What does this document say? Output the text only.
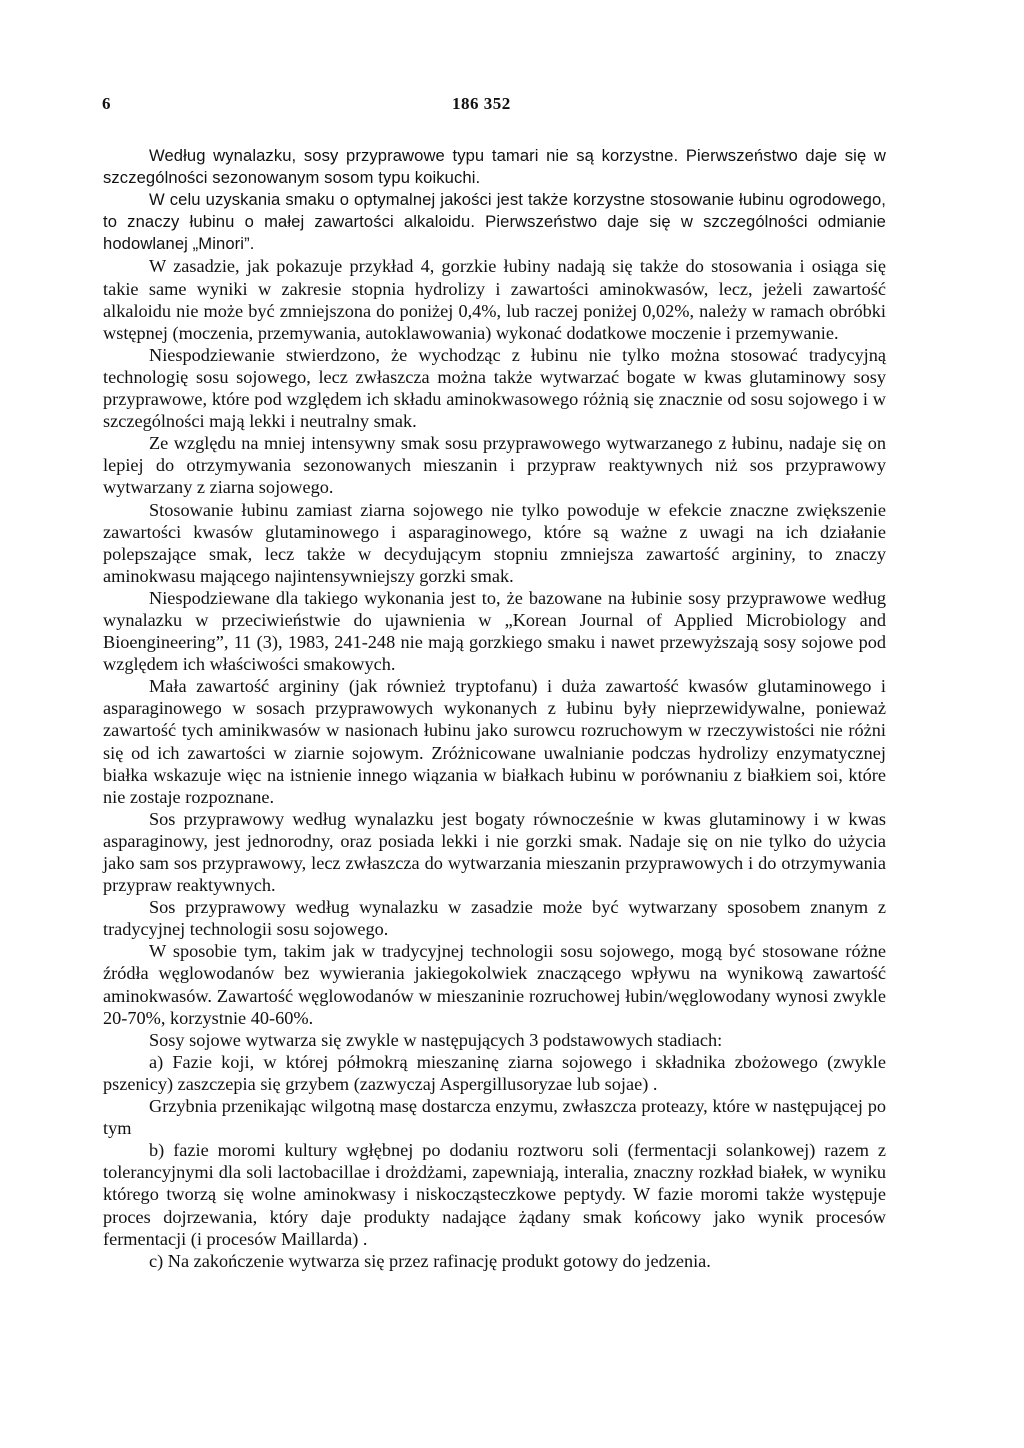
6	186 352

Według wynalazku, sosy przyprawowe typu tamari nie są korzystne. Pierwszeństwo daje się w szczególności sezonowanym sosom typu koikuchi.

W celu uzyskania smaku o optymalnej jakości jest także korzystne stosowanie łubinu ogrodowego, to znaczy łubinu o małej zawartości alkaloidu. Pierwszeństwo daje się w szczególności odmianie hodowlanej „Minori”.

W zasadzie, jak pokazuje przykład 4, gorzkie łubiny nadają się także do stosowania i osiąga się takie same wyniki w zakresie stopnia hydrolizy i zawartości aminokwasów, lecz, jeżeli zawartość alkaloidu nie może być zmniejszona do poniżej 0,4%, lub raczej poniżej 0,02%, należy w ramach obróbki wstępnej (moczenia, przemywania, autoklawowania) wykonać dodatkowe moczenie i przemywanie.

Niespodziewanie stwierdzono, że wychodząc z łubinu nie tylko można stosować tradycyjną technologię sosu sojowego, lecz zwłaszcza można także wytwarzać bogate w kwas glutaminowy sosy przyprawowe, które pod względem ich składu aminokwasowego różnią się znacznie od sosu sojowego i w szczególności mają lekki i neutralny smak.

Ze względu na mniej intensywny smak sosu przyprawowego wytwarzanego z łubinu, nadaje się on lepiej do otrzymywania sezonowanych mieszanin i przypraw reaktywnych niż sos przyprawowy wytwarzany z ziarna sojowego.

Stosowanie łubinu zamiast ziarna sojowego nie tylko powoduje w efekcie znaczne zwiększenie zawartości kwasów glutaminowego i asparaginowego, które są ważne z uwagi na ich działanie polepszające smak, lecz także w decydującym stopniu zmniejsza zawartość argininy, to znaczy aminokwasu mającego najintensywniejszy gorzki smak.

Niespodziewane dla takiego wykonania jest to, że bazowane na łubinie sosy przyprawowe według wynalazku w przeciwieństwie do ujawnienia w „Korean Journal of Applied Microbiology and Bioengineering”, 11 (3), 1983, 241-248 nie mają gorzkiego smaku i nawet przewyższają sosy sojowe pod względem ich właściwości smakowych.

Mała zawartość argininy (jak również tryptofanu) i duża zawartość kwasów glutaminowego i asparaginowego w sosach przyprawowych wykonanych z łubinu były nieprzewidywalne, ponieważ zawartość tych aminikwasów w nasionach łubinu jako surowcu rozruchowym w rzeczywistości nie różni się od ich zawartości w ziarnie sojowym. Zróżnicowane uwalnianie podczas hydrolizy enzymatycznej białka wskazuje więc na istnienie innego wiązania w białkach łubinu w porównaniu z białkiem soi, które nie zostaje rozpoznane.

Sos przyprawowy według wynalazku jest bogaty równocześnie w kwas glutaminowy i w kwas asparaginowy, jest jednorodny, oraz posiada lekki i nie gorzki smak. Nadaje się on nie tylko do użycia jako sam sos przyprawowy, lecz zwłaszcza do wytwarzania mieszanin przyprawowych i do otrzymywania przypraw reaktywnych.

Sos przyprawowy według wynalazku w zasadzie może być wytwarzany sposobem znanym z tradycyjnej technologii sosu sojowego.

W sposobie tym, takim jak w tradycyjnej technologii sosu sojowego, mogą być stosowane różne źródła węglowodanów bez wywierania jakiegokolwiek znaczącego wpływu na wynikową zawartość aminokwasów. Zawartość węglowodanów w mieszaninie rozruchowej łubin/węglowodany wynosi zwykle 20-70%, korzystnie 40-60%.

Sosy sojowe wytwarza się zwykle w następujących 3 podstawowych stadiach:

a) Fazie koji, w której półmokrą mieszaninę ziarna sojowego i składnika zbożowego (zwykle pszenicy) zaszczepia się grzybem (zazwyczaj Aspergillusoryzae lub sojae) .

Grzybnia przenikając wilgotną masę dostarcza enzymu, zwłaszcza proteazy, które w następującej po tym

b) fazie moromi kultury wgłębnej po dodaniu roztworu soli (fermentacji solankowej) razem z tolerancyjnymi dla soli lactobacillae i drożdżami, zapewniają, interalia, znaczny rozkład białek, w wyniku którego tworzą się wolne aminokwasy i niskocząsteczkowe peptydy. W fazie moromi także występuje proces dojrzewania, który daje produkty nadające żądany smak końcowy jako wynik procesów fermentacji (i procesów Maillarda) .

c) Na zakończenie wytwarza się przez rafinację produkt gotowy do jedzenia.
